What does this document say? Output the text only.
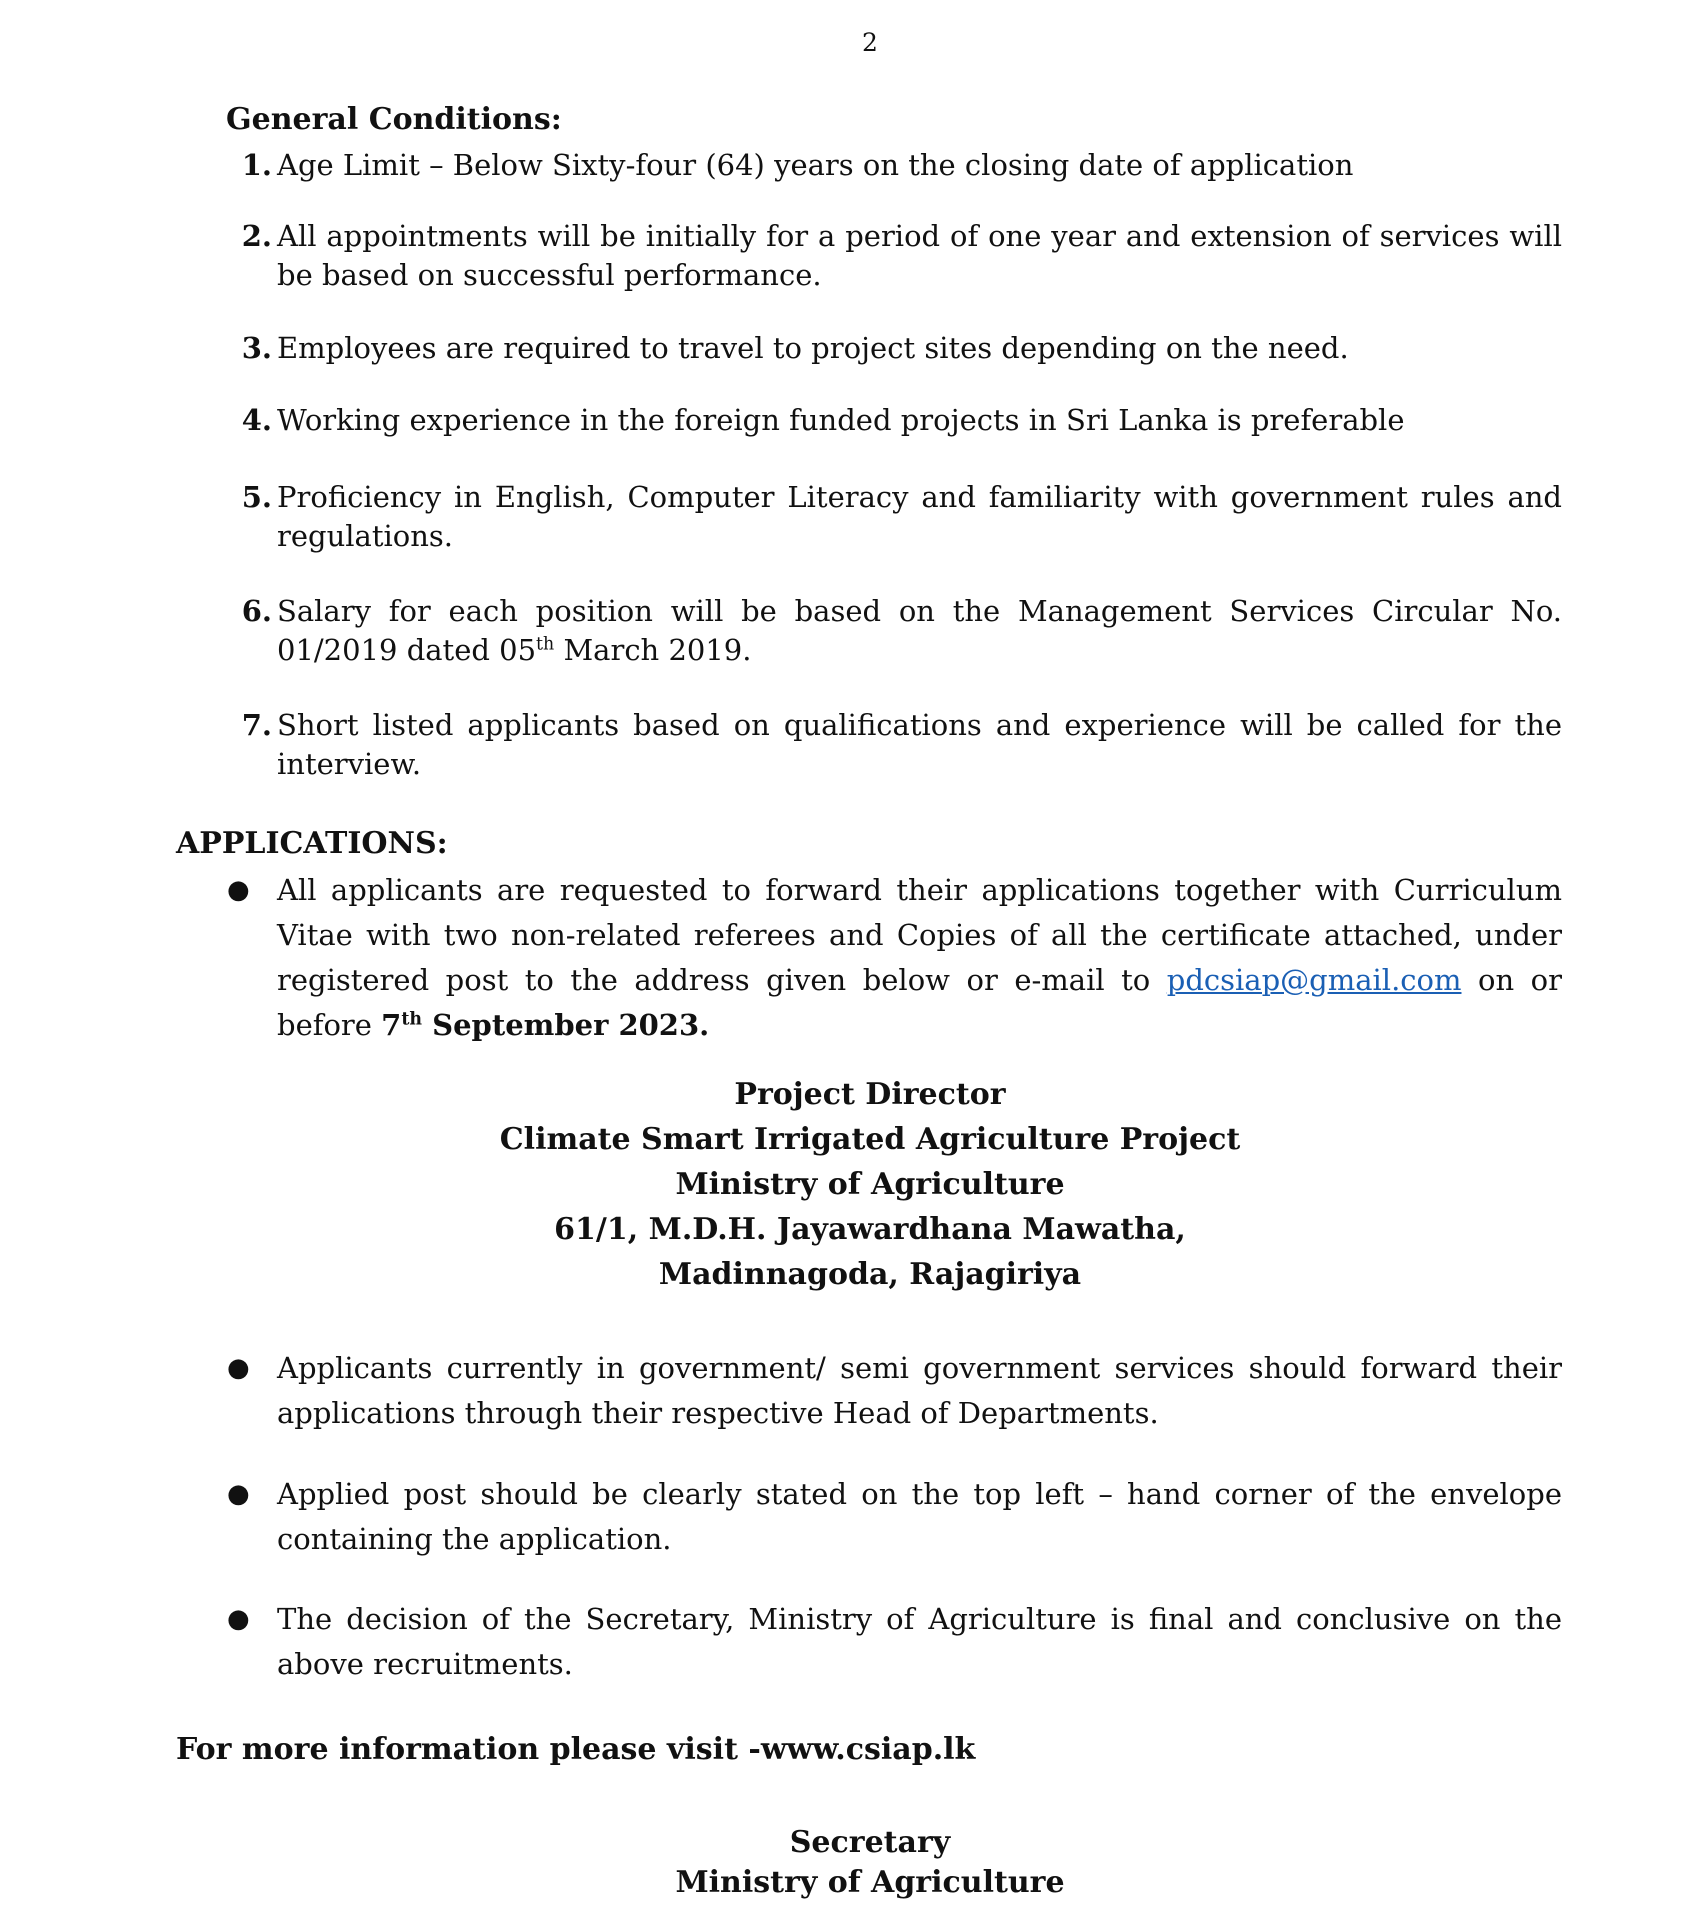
2
General Conditions:
1. Age Limit – Below Sixty-four (64) years on the closing date of application
2. All appointments will be initially for a period of one year and extension of services will be based on successful performance.
3. Employees are required to travel to project sites depending on the need.
4. Working experience in the foreign funded projects in Sri Lanka is preferable
5. Proficiency in English, Computer Literacy and familiarity with government rules and regulations.
6. Salary for each position will be based on the Management Services Circular No. 01/2019 dated 05th March 2019.
7. Short listed applicants based on qualifications and experience will be called for the interview.
APPLICATIONS:
● All applicants are requested to forward their applications together with Curriculum Vitae with two non-related referees and Copies of all the certificate attached, under registered post to the address given below or e-mail to pdcsiap@gmail.com on or before 7th September 2023.
Project Director
Climate Smart Irrigated Agriculture Project
Ministry of Agriculture
61/1, M.D.H. Jayawardhana Mawatha,
Madinnagoda, Rajagiriya
● Applicants currently in government/ semi government services should forward their applications through their respective Head of Departments.
● Applied post should be clearly stated on the top left – hand corner of the envelope containing the application.
● The decision of the Secretary, Ministry of Agriculture is final and conclusive on the above recruitments.
For more information please visit -www.csiap.lk
Secretary
Ministry of Agriculture
